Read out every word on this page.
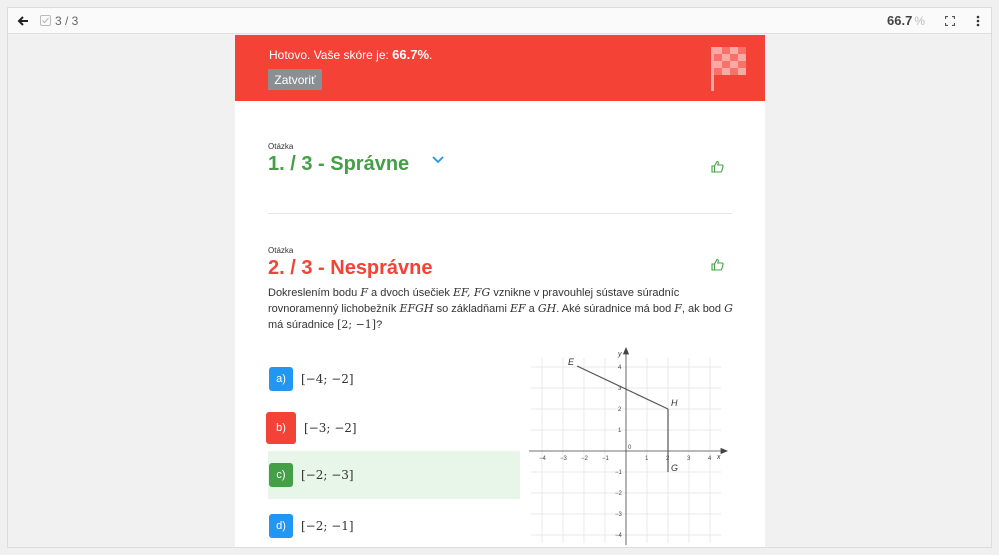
3 / 3	66.7 %
Hotovo. Vaše skóre je: 66.7%.
Zatvoriť
Otázka
1. / 3 - Správne
Otázka
2. / 3 - Nesprávne
Dokreslením bodu F a dvoch úsečiek EF, FG vznikne v pravouhlej sústave súradníc rovnoramenný lichobežník EFGH so základňami EF a GH. Aké súradnice má bod F, ak bod G má súradnice [2; −1]?
a)	[−4; −2]
b)	[−3; −2]
c)	[−2; −3]
d)	[−2; −1]
−4 −3 −2 −1
0
1	2	3	4
4
3
2
1
−1
−2
−3
−4
x
y
E
H
G
